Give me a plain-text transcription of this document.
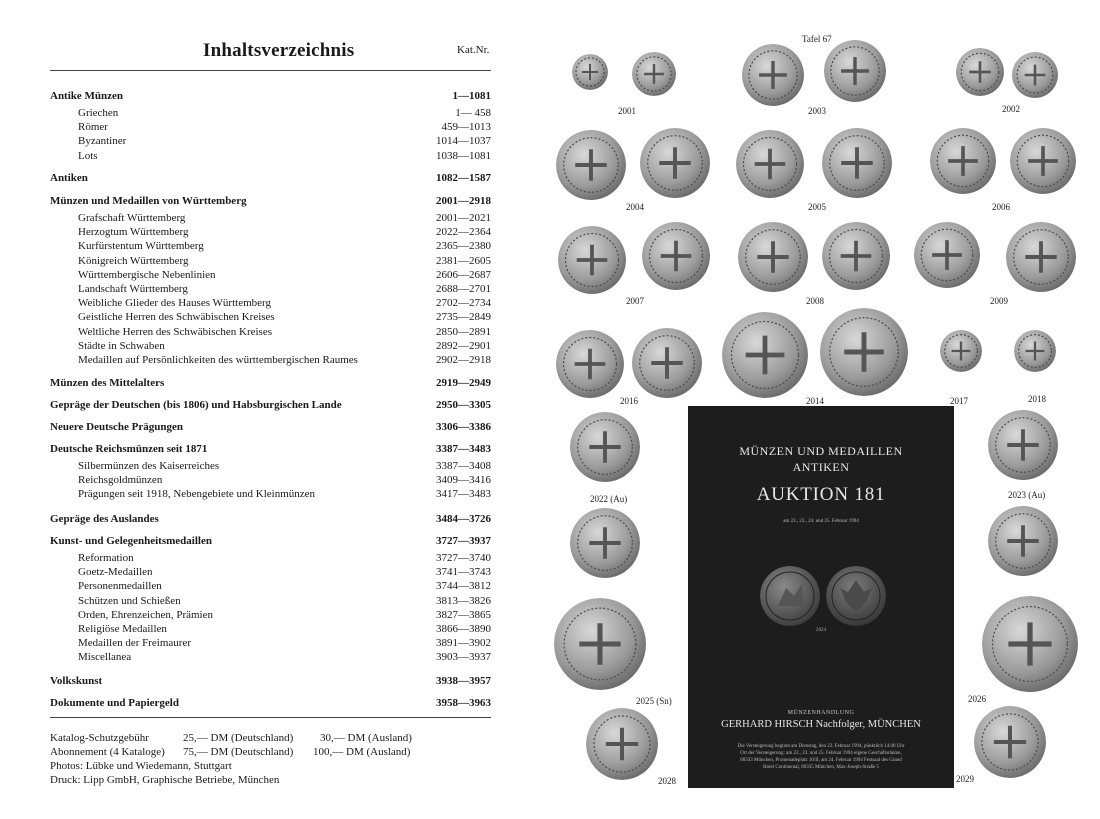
Inhaltsverzeichnis	Kat.Nr.
Antike Münzen	1—1081
Griechen	1— 458
Römer	459—1013
Byzantiner	1014—1037
Lots	1038—1081
Antiken	1082—1587
Münzen und Medaillen von Württemberg	2001—2918
Grafschaft Württemberg	2001—2021
Herzogtum Württemberg	2022—2364
Kurfürstentum Württemberg	2365—2380
Königreich Württemberg	2381—2605
Württembergische Nebenlinien	2606—2687
Landschaft Württemberg	2688—2701
Weibliche Glieder des Hauses Württemberg	2702—2734
Geistliche Herren des Schwäbischen Kreises	2735—2849
Weltliche Herren des Schwäbischen Kreises	2850—2891
Städte in Schwaben	2892—2901
Medaillen auf Persönlichkeiten des württembergischen Raumes	2902—2918
Münzen des Mittelalters	2919—2949
Gepräge der Deutschen (bis 1806) und Habsburgischen Lande	2950—3305
Neuere Deutsche Prägungen	3306—3386
Deutsche Reichsmünzen seit 1871	3387—3483
Silbermünzen des Kaiserreiches	3387—3408
Reichsgoldmünzen	3409—3416
Prägungen seit 1918, Nebengebiete und Kleinmünzen	3417—3483
Gepräge des Auslandes	3484—3726
Kunst- und Gelegenheitsmedaillen	3727—3937
Reformation	3727—3740
Goetz-Medaillen	3741—3743
Personenmedaillen	3744—3812
Schützen und Schießen	3813—3826
Orden, Ehrenzeichen, Prämien	3827—3865
Religiöse Medaillen	3866—3890
Medaillen der Freimaurer	3891—3902
Miscellanea	3903—3937
Volkskunst	3938—3957
Dokumente und Papiergeld	3958—3963
Katalog-Schutzgebühr	25,— DM (Deutschland) 30,— DM (Ausland)
Abonnement (4 Kataloge) 75,— DM (Deutschland) 100,— DM (Ausland)
Photos: Lübke und Wiedemann, Stuttgart
Druck: Lipp GmbH, Graphische Betriebe, München
Tafel 67
2001	2003	2002
2004	2005	2006
2007	2008	2009
2016	2014	2017	2018
2022 (Au)	2023 (Au)
2025 (Sn)	2026
2028	2029
MÜNZEN UND MEDAILLEN
ANTIKEN
AUKTION 181
am 22., 23., 24. und 25. Februar 1994
2024
MÜNZENHANDLUNG
GERHARD HIRSCH Nachfolger, MÜNCHEN
Die Versteigerung beginnt am Dienstag, den 22. Februar 1994, pünktlich 14.00 Uhr
Ort der Versteigerung: am 22., 23. und 25. Februar 1994 eigene Geschäftsräume,
80333 München, Promenadeplatz 10/II, am 24. Februar 1994 Festsaal des Grand
Hotel Continental, 80335 München, Max-Joseph-Straße 5
